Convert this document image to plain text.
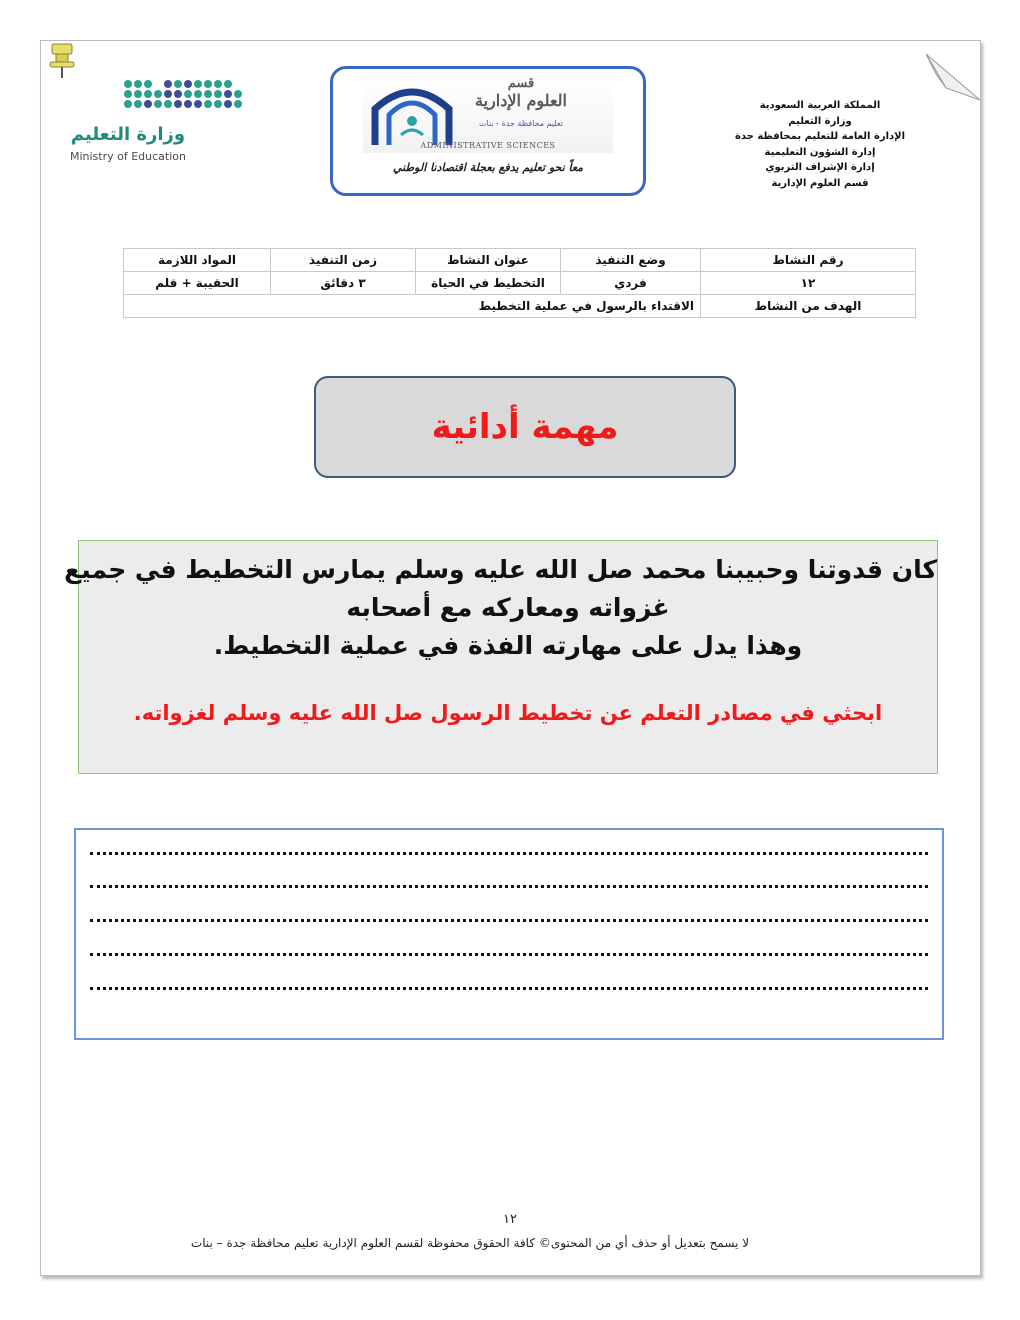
المملكة العربية السعودية
وزارة التعليم
الإدارة العامة للتعليم بمحافظة جدة
إدارة الشؤون التعليمية
إدارة الإشراف التربوي
قسم العلوم الإدارية
قسم
العلوم الإدارية
تعليم محافظة جدة - بنات
ADMINISTRATIVE SCIENCES
معاً نحو تعليم يدفع بعجلة اقتصادنا الوطني
وزارة التعليم
Ministry of Education
رقم النشاط	وضع التنفيذ	عنوان النشاط	زمن التنفيذ	المواد اللازمة
١٢	فردي	التخطيط في الحياة	٣ دقائق	الحقيبة + قلم
الهدف من النشاط	الاقتداء بالرسول في عملية التخطيط			
مهمة أدائية
كان قدوتنا وحبيبنا محمد صل الله عليه وسلم يمارس التخطيط في جميع
غزواته ومعاركه مع أصحابه
وهذا يدل على مهارته الفذة في عملية التخطيط.
ابحثي في مصادر التعلم عن تخطيط الرسول صل الله عليه وسلم لغزواته.
١٢
لا يسمح بتعديل أو حذف أي من المحتوى© كافة الحقوق محفوظة لقسم العلوم الإدارية تعليم محافظة جدة – بنات
